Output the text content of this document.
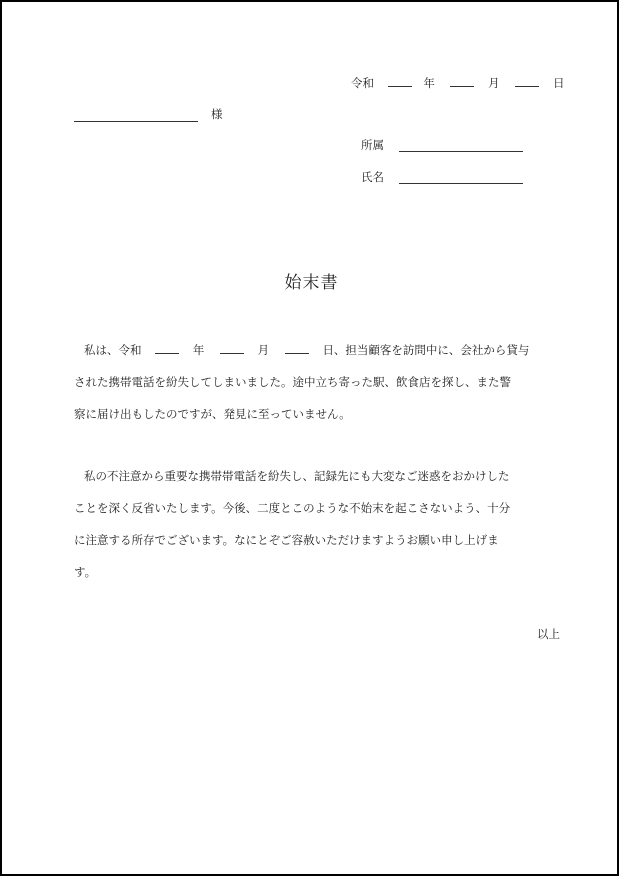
令和	年	月	日
様
所属
氏名
始末書
私は、令和	年	月	日、担当顧客を訪問中に、会社から貸与
された携帯電話を紛失してしまいました。途中立ち寄った駅、飲食店を探し、また警
察に届け出もしたのですが、発見に至っていません。
私の不注意から重要な携帯帯電話を紛失し、記録先にも大変なご迷惑をおかけした
ことを深く反省いたします。今後、二度とこのような不始末を起こさないよう、十分
に注意する所存でございます。なにとぞご容赦いただけますようお願い申し上げま
す。
以上
